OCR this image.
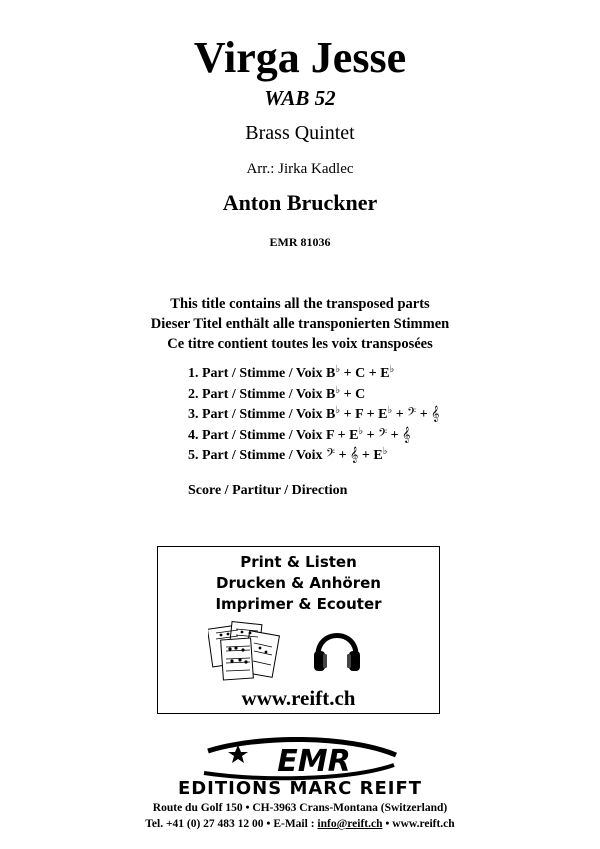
Virga Jesse
WAB 52
Brass Quintet
Arr.: Jirka Kadlec
Anton Bruckner
EMR 81036
This title contains all the transposed parts
Dieser Titel enthält alle transponierten Stimmen
Ce titre contient toutes les voix transposées
1. Part / Stimme / Voix B♭ + C + E♭
2. Part / Stimme / Voix B♭ + C
3. Part / Stimme / Voix B♭ + F + E♭ + 𝄢 + 𝄞
4. Part / Stimme / Voix F + E♭ + 𝄢 + 𝄞
5. Part / Stimme / Voix 𝄢 + 𝄞 + E♭
Score / Partitur / Direction
Print & Listen
Drucken & Anhören
Imprimer & Ecouter
www.reift.ch
EMR
EDITIONS MARC REIFT
Route du Golf 150 • CH-3963 Crans-Montana (Switzerland)
Tel. +41 (0) 27 483 12 00 • E-Mail : info@reift.ch • www.reift.ch
